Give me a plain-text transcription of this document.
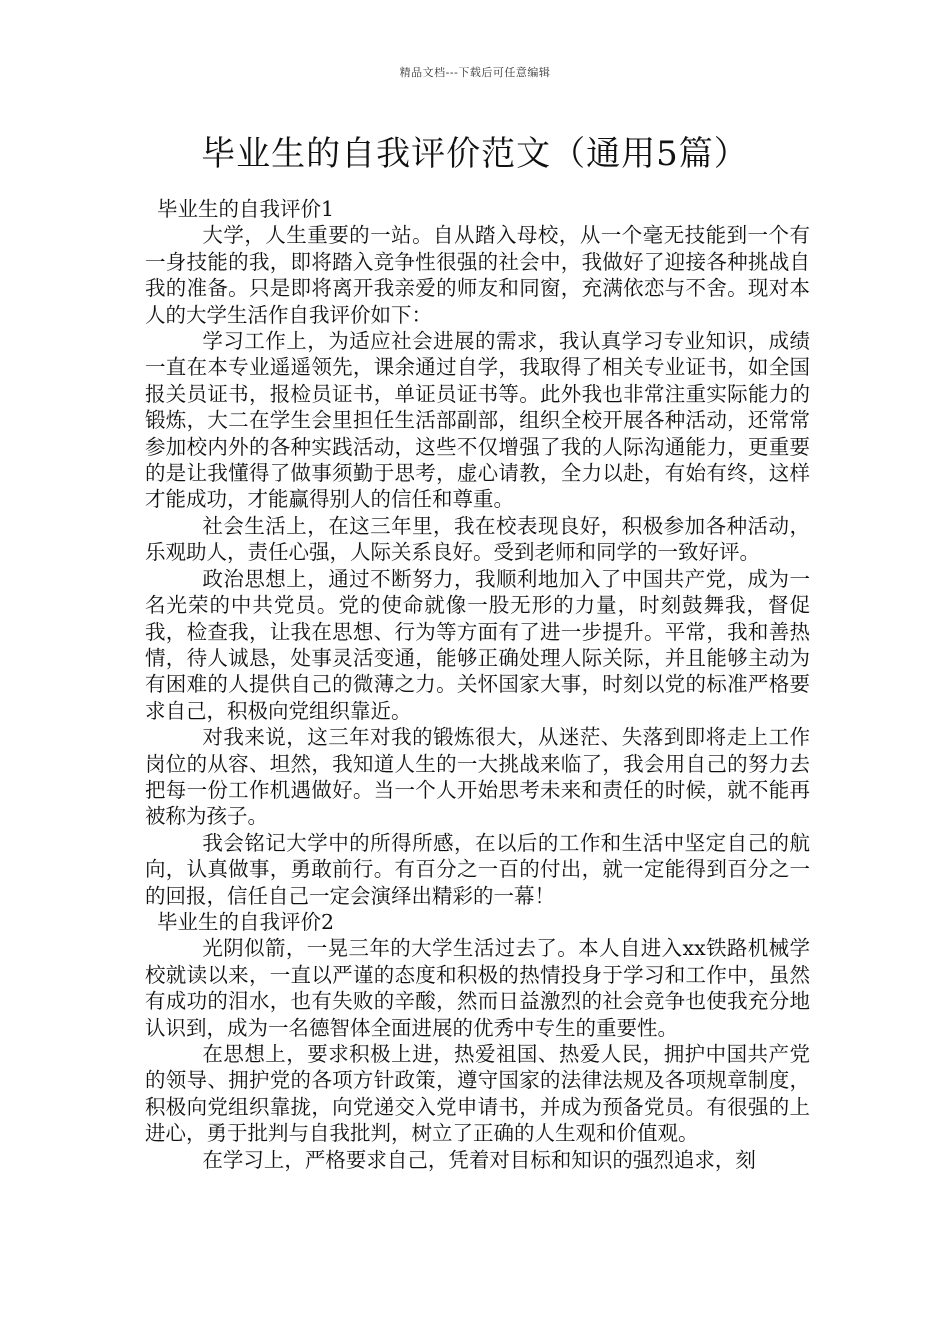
精品文档---下载后可任意编辑
毕业生的自我评价范文（通用5篇）
毕业生的自我评价1

大学，人生重要的一站。自从踏入母校，从一个毫无技能到一个有一身技能的我，即将踏入竞争性很强的社会中，我做好了迎接各种挑战自我的准备。只是即将离开我亲爱的师友和同窗，充满依恋与不舍。现对本人的大学生活作自我评价如下：

学习工作上，为适应社会进展的需求，我认真学习专业知识，成绩一直在本专业遥遥领先，课余通过自学，我取得了相关专业证书，如全国报关员证书，报检员证书，单证员证书等。此外我也非常注重实际能力的锻炼，大二在学生会里担任生活部副部，组织全校开展各种活动，还常常参加校内外的各种实践活动，这些不仅增强了我的人际沟通能力，更重要的是让我懂得了做事须勤于思考，虚心请教，全力以赴，有始有终，这样才能成功，才能赢得别人的信任和尊重。

社会生活上，在这三年里，我在校表现良好，积极参加各种活动，乐观助人，责任心强，人际关系良好。受到老师和同学的一致好评。

政治思想上，通过不断努力，我顺利地加入了中国共产党，成为一名光荣的中共党员。党的使命就像一股无形的力量，时刻鼓舞我，督促我，检查我，让我在思想、行为等方面有了进一步提升。平常，我和善热情，待人诚恳，处事灵活变通，能够正确处理人际关际，并且能够主动为有困难的人提供自己的微薄之力。关怀国家大事，时刻以党的标准严格要求自己，积极向党组织靠近。

对我来说，这三年对我的锻炼很大，从迷茫、失落到即将走上工作岗位的从容、坦然，我知道人生的一大挑战来临了，我会用自己的努力去把每一份工作机遇做好。当一个人开始思考未来和责任的时候，就不能再被称为孩子。

我会铭记大学中的所得所感，在以后的工作和生活中坚定自己的航向，认真做事，勇敢前行。有百分之一百的付出，就一定能得到百分之一的回报，信任自己一定会演绎出精彩的一幕！

毕业生的自我评价2

光阴似箭，一晃三年的大学生活过去了。本人自进入xx铁路机械学校就读以来，一直以严谨的态度和积极的热情投身于学习和工作中，虽然有成功的泪水，也有失败的辛酸，然而日益激烈的社会竞争也使我充分地认识到，成为一名德智体全面进展的优秀中专生的重要性。

在思想上，要求积极上进，热爱祖国、热爱人民，拥护中国共产党的领导、拥护党的各项方针政策，遵守国家的法律法规及各项规章制度，积极向党组织靠拢，向党递交入党申请书，并成为预备党员。有很强的上进心，勇于批判与自我批判，树立了正确的人生观和价值观。

在学习上，严格要求自己，凭着对目标和知识的强烈追求，刻
